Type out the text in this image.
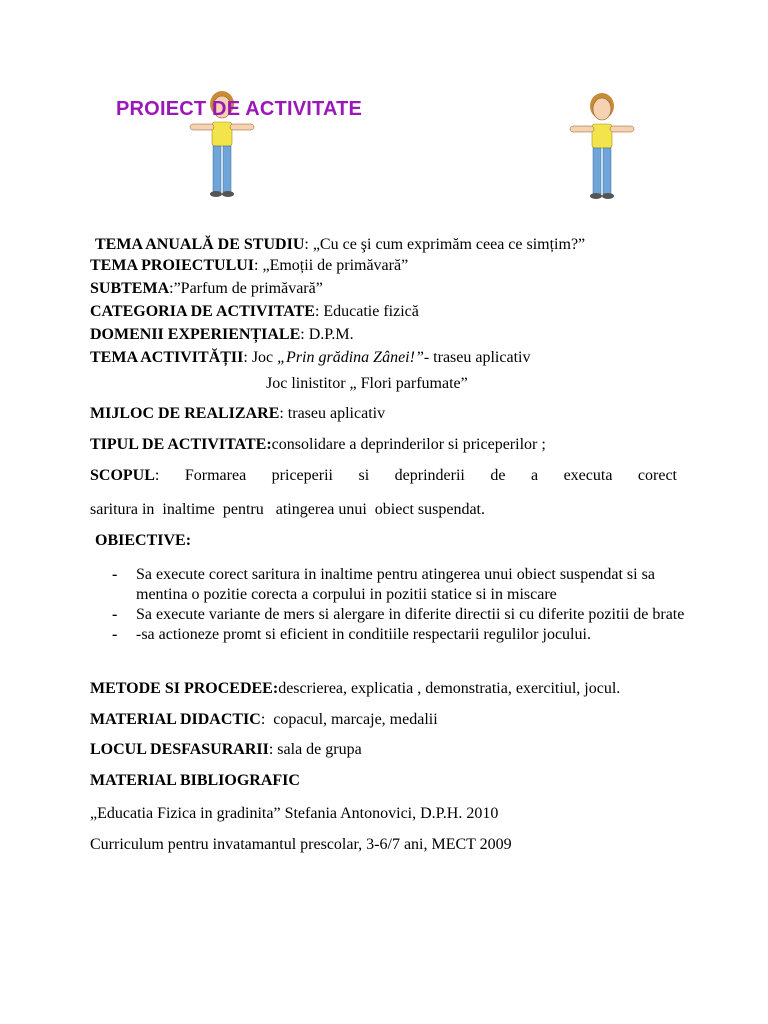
PROIECT DE ACTIVITATE
TEMA ANUALĂ DE STUDIU: „Cu ce şi cum exprimăm ceea ce simțim?”
TEMA PROIECTULUI: „Emoții de primăvară”
SUBTEMA:”Parfum de primăvară”
CATEGORIA DE ACTIVITATE: Educatie fizică
DOMENII EXPERIENȚIALE: D.P.M.
TEMA ACTIVITĂȚII: Joc „Prin grădina Zânei!”- traseu aplicativ
Joc linistitor „ Flori parfumate”
MIJLOC DE REALIZARE: traseu aplicativ
TIPUL DE ACTIVITATE:consolidare a deprinderilor si priceperilor ;
SCOPUL: Formarea priceperii si deprinderii de a executa corect
saritura in  inaltime  pentru   atingerea unui  obiect suspendat.
OBIECTIVE:

- Sa execute corect saritura in inaltime pentru atingerea unui obiect suspendat si sa mentina o pozitie corecta a corpului in pozitii statice si in miscare

- Sa execute variante de mers si alergare in diferite directii si cu diferite pozitii de brate

- -sa actioneze promt si eficient in conditiile respectarii regulilor jocului.

METODE SI PROCEDEE:descrierea, explicatia , demonstratia, exercitiul, jocul.
MATERIAL DIDACTIC:  copacul, marcaje, medalii
LOCUL DESFASURARII: sala de grupa
MATERIAL BIBLIOGRAFIC
„Educatia Fizica in gradinita” Stefania Antonovici, D.P.H. 2010
Curriculum pentru invatamantul prescolar, 3-6/7 ani, MECT 2009
